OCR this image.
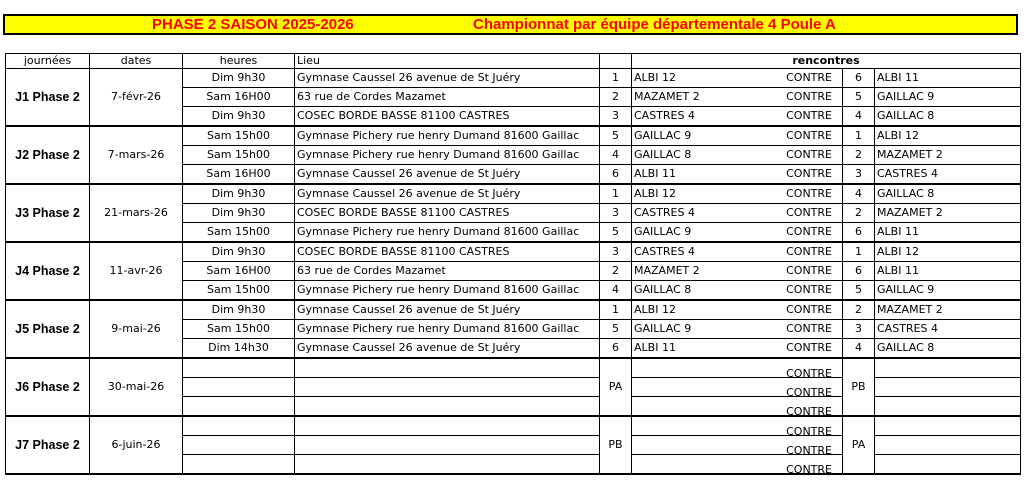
PHASE 2 SAISON 2025-2026	Championnat par équipe départementale 4 Poule A
journées	dates	heures	Lieu		rencontres		
J1 Phase 2	7-févr-26	Dim 9h30	Gymnase Caussel 26 avenue de St Juéry	1	ALBI 12 CONTRE	6	ALBI 11
		Sam 16H00	63 rue de Cordes Mazamet	2	MAZAMET 2 CONTRE	5	GAILLAC 9
		Dim 9h30	COSEC BORDE BASSE 81100 CASTRES	3	CASTRES 4 CONTRE	4	GAILLAC 8
J2 Phase 2	7-mars-26	Sam 15h00	Gymnase Pichery rue henry Dumand 81600 Gaillac	5	GAILLAC 9 CONTRE	1	ALBI 12
		Sam 15h00	Gymnase Pichery rue henry Dumand 81600 Gaillac	4	GAILLAC 8 CONTRE	2	MAZAMET 2
		Sam 16H00	Gymnase Caussel 26 avenue de St Juéry	6	ALBI 11 CONTRE	3	CASTRES 4
J3 Phase 2	21-mars-26	Dim 9h30	Gymnase Caussel 26 avenue de St Juéry	1	ALBI 12 CONTRE	4	GAILLAC 8
		Dim 9h30	COSEC BORDE BASSE 81100 CASTRES	3	CASTRES 4 CONTRE	2	MAZAMET 2
		Sam 15h00	Gymnase Pichery rue henry Dumand 81600 Gaillac	5	GAILLAC 9 CONTRE	6	ALBI 11
J4 Phase 2	11-avr-26	Dim 9h30	COSEC BORDE BASSE 81100 CASTRES	3	CASTRES 4 CONTRE	1	ALBI 12
		Sam 16H00	63 rue de Cordes Mazamet	2	MAZAMET 2 CONTRE	6	ALBI 11
		Sam 15h00	Gymnase Pichery rue henry Dumand 81600 Gaillac	4	GAILLAC 8 CONTRE	5	GAILLAC 9
J5 Phase 2	9-mai-26	Dim 9h30	Gymnase Caussel 26 avenue de St Juéry	1	ALBI 12 CONTRE	2	MAZAMET 2
		Sam 15h00	Gymnase Pichery rue henry Dumand 81600 Gaillac	5	GAILLAC 9 CONTRE	3	CASTRES 4
		Dim 14h30	Gymnase Caussel 26 avenue de St Juéry	6	ALBI 11 CONTRE	4	GAILLAC 8
J6 Phase 2	30-mai-26			PA	CONTRE	PB	

					CONTRE		

					CONTRE		

J7 Phase 2	6-juin-26			PB	CONTRE	PA	

					CONTRE		

					CONTRE		
